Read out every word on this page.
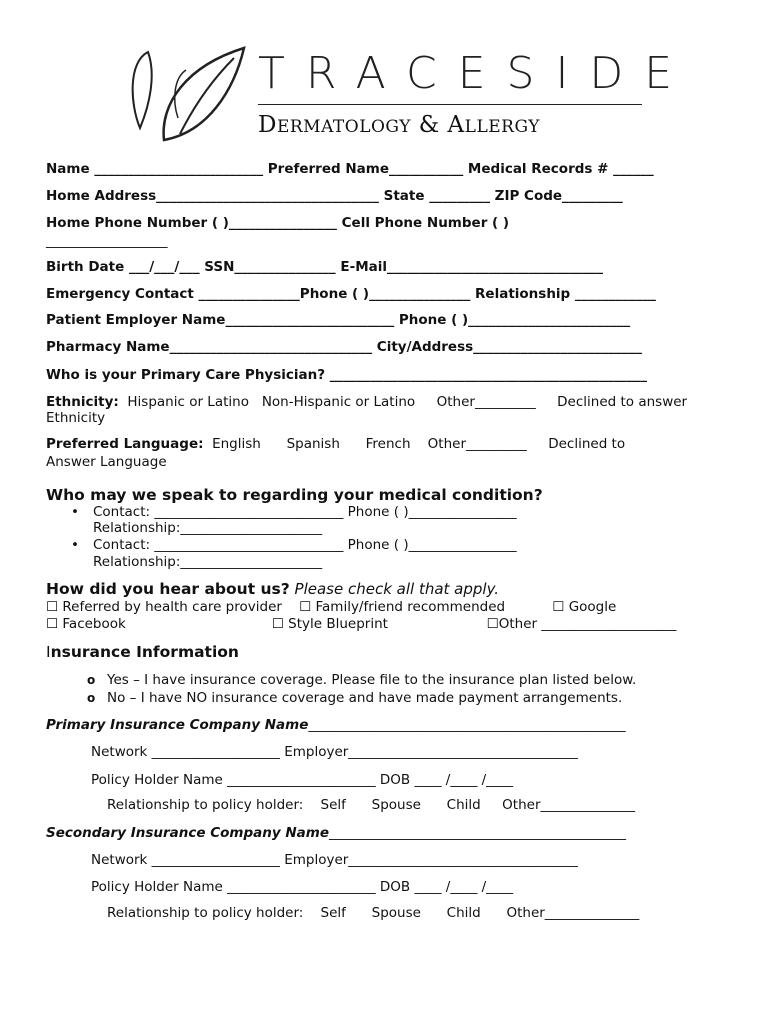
TRACESIDE
DERMATOLOGY & ALLERGY
Name _________________________ Preferred Name___________ Medical Records # ______
Home Address_________________________________ State _________ ZIP Code_________
Home Phone Number ( )________________ Cell Phone Number ( )
__________________
Birth Date ___/___/___ SSN_______________ E-Mail________________________________
Emergency Contact _______________Phone ( )_______________ Relationship ____________
Patient Employer Name_________________________ Phone ( )________________________
Pharmacy Name______________________________ City/Address_________________________
Who is your Primary Care Physician? _______________________________________________
Ethnicity:  Hispanic or Latino   Non-Hispanic or Latino     Other_________     Declined to answer
Ethnicity
Preferred Language:  English      Spanish      French    Other_________     Declined to
Answer Language
Who may we speak to regarding your medical condition?
• Contact: ____________________________ Phone ( )________________
Relationship:_____________________
• Contact: ____________________________ Phone ( )________________
Relationship:_____________________
How did you hear about us? Please check all that apply.
☐ Referred by health care provider    ☐ Family/friend recommended           ☐ Google
☐ Facebook                                  ☐ Style Blueprint                       ☐Other ____________________
Insurance Information
o Yes – I have insurance coverage. Please file to the insurance plan listed below.
o No – I have NO insurance coverage and have made payment arrangements.
Primary Insurance Company Name_______________________________________________
Network ___________________ Employer__________________________________
Policy Holder Name ______________________ DOB ____ /____ /____
Relationship to policy holder:    Self      Spouse      Child     Other______________
Secondary Insurance Company Name____________________________________________
Network ___________________ Employer__________________________________
Policy Holder Name ______________________ DOB ____ /____ /____
Relationship to policy holder:    Self      Spouse      Child      Other______________
